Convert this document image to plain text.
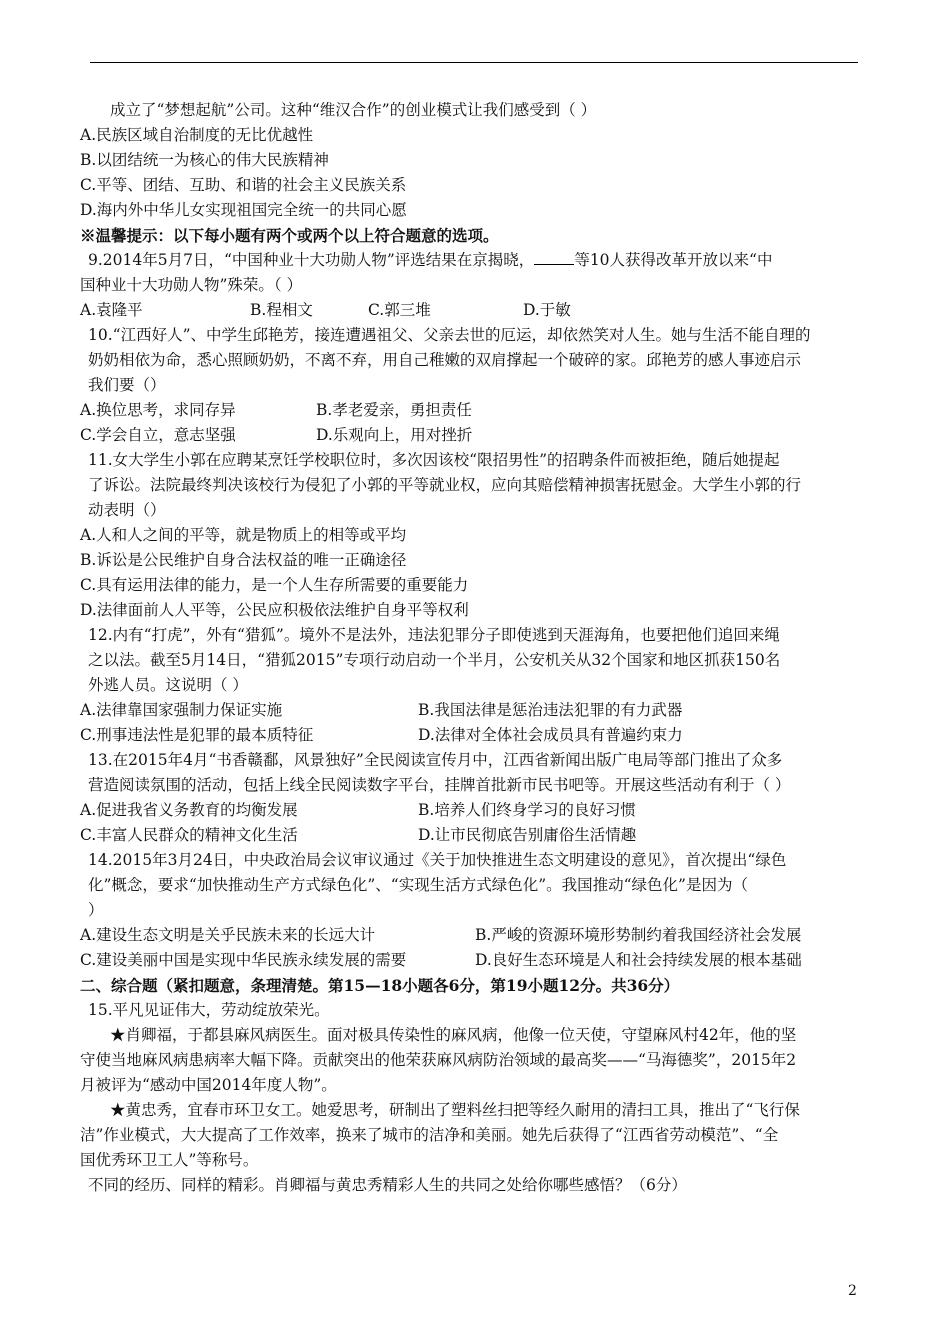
成立了“梦想起航”公司。这种“维汉合作”的创业模式让我们感受到（ ）
A.民族区域自治制度的无比优越性
B.以团结统一为核心的伟大民族精神
C.平等、团结、互助、和谐的社会主义民族关系
D.海内外中华儿女实现祖国完全统一的共同心愿
※温馨提示：以下每小题有两个或两个以上符合题意的选项。
9.2014年5月7日，“中国种业十大功勋人物”评选结果在京揭晓，	等10人获得改革开放以来“中
国种业十大功勋人物”殊荣。（ ）
A.袁隆平	B.程相文	C.郭三堆	D.于敏
10.“江西好人”、中学生邱艳芳，接连遭遇祖父、父亲去世的厄运，却依然笑对人生。她与生活不能自理的
奶奶相依为命，悉心照顾奶奶，不离不弃，用自己稚嫩的双肩撑起一个破碎的家。邱艳芳的感人事迹启示
我们要（）
A.换位思考，求同存异	B.孝老爱亲，勇担责任
C.学会自立，意志坚强	D.乐观向上，用对挫折
11.女大学生小郭在应聘某烹饪学校职位时，多次因该校“限招男性”的招聘条件而被拒绝，随后她提起
了诉讼。法院最终判决该校行为侵犯了小郭的平等就业权，应向其赔偿精神损害抚慰金。大学生小郭的行
动表明（）
A.人和人之间的平等，就是物质上的相等或平均
B.诉讼是公民维护自身合法权益的唯一正确途径
C.具有运用法律的能力，是一个人生存所需要的重要能力
D.法律面前人人平等，公民应积极依法维护自身平等权利
12.内有“打虎”，外有“猎狐”。境外不是法外，违法犯罪分子即使逃到天涯海角，也要把他们追回来绳
之以法。截至5月14日，“猎狐2015”专项行动启动一个半月，公安机关从32个国家和地区抓获150名
外逃人员。这说明（ ）
A.法律靠国家强制力保证实施	B.我国法律是惩治违法犯罪的有力武器
C.刑事违法性是犯罪的最本质特征	D.法律对全体社会成员具有普遍约束力
13.在2015年4月“书香赣鄱，风景独好”全民阅读宣传月中，江西省新闻出版广电局等部门推出了众多
营造阅读氛围的活动，包括上线全民阅读数字平台，挂牌首批新市民书吧等。开展这些活动有利于（ ）
A.促进我省义务教育的均衡发展	B.培养人们终身学习的良好习惯
C.丰富人民群众的精神文化生活	D.让市民彻底告别庸俗生活情趣
14.2015年3月24日，中央政治局会议审议通过《关于加快推进生态文明建设的意见》，首次提出“绿色
化”概念，要求“加快推动生产方式绿色化”、“实现生活方式绿色化”。我国推动“绿色化”是因为（
）
A.建设生态文明是关乎民族未来的长远大计	B.严峻的资源环境形势制约着我国经济社会发展
C.建设美丽中国是实现中华民族永续发展的需要	D.良好生态环境是人和社会持续发展的根本基础
二、综合题（紧扣题意，条理清楚。第15—18小题各6分，第19小题12分。共36分）
15.平凡见证伟大，劳动绽放荣光。
★肖卿福，于都县麻风病医生。面对极具传染性的麻风病，他像一位天使，守望麻风村42年，他的坚
守使当地麻风病患病率大幅下降。贡献突出的他荣获麻风病防治领域的最高奖——“马海德奖”，2015年2
月被评为“感动中国2014年度人物”。
★黄忠秀，宜春市环卫女工。她爱思考，研制出了塑料丝扫把等经久耐用的清扫工具，推出了“飞行保
洁”作业模式，大大提高了工作效率，换来了城市的洁净和美丽。她先后获得了“江西省劳动模范”、“全
国优秀环卫工人”等称号。
不同的经历、同样的精彩。肖卿福与黄忠秀精彩人生的共同之处给你哪些感悟？（6分）
2
